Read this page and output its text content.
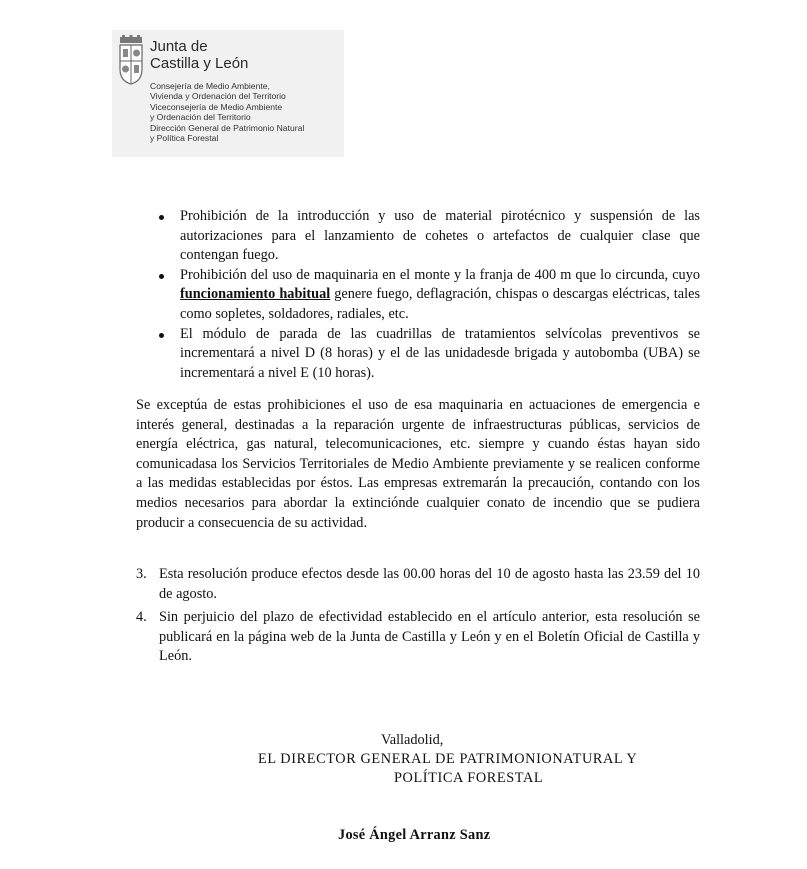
Junta de
Castilla y León
Consejería de Medio Ambiente,
Vivienda y Ordenación del Territorio
Viceconsejería de Medio Ambiente
y Ordenación del Territorio
Dirección General de Patrimonio Natural
y Política Forestal
Prohibición de la introducción y uso de material pirotécnico y suspensión de las autorizaciones para el lanzamiento de cohetes o artefactos de cualquier clase que contengan fuego.
Prohibición del uso de maquinaria en el monte y la franja de 400 m que lo circunda, cuyo funcionamiento habitual genere fuego, deflagración, chispas o descargas eléctricas, tales como sopletes, soldadores, radiales, etc.
El módulo de parada de las cuadrillas de tratamientos selvícolas preventivos se incrementará a nivel D (8 horas) y el de las unidadesde brigada y autobomba (UBA) se incrementará a nivel E (10 horas).

Se exceptúa de estas prohibiciones el uso de esa maquinaria en actuaciones de emergencia e interés general, destinadas a la reparación urgente de infraestructuras públicas, servicios de energía eléctrica, gas natural, telecomunicaciones, etc. siempre y cuando éstas hayan sido comunicadasa los Servicios Territoriales de Medio Ambiente previamente y se realicen conforme a las medidas establecidas por éstos. Las empresas extremarán la precaución, contando con los medios necesarios para abordar la extinciónde cualquier conato de incendio que se pudiera producir a consecuencia de su actividad.

3. Esta resolución produce efectos desde las 00.00 horas del 10 de agosto hasta las 23.59 del 10 de agosto.
4. Sin perjuicio del plazo de efectividad establecido en el artículo anterior, esta resolución se publicará en la página web de la Junta de Castilla y León y en el Boletín Oficial de Castilla y León.
Valladolid,
EL DIRECTOR GENERAL DE PATRIMONIONATURAL Y
POLÍTICA FORESTAL
José Ángel Arranz Sanz
